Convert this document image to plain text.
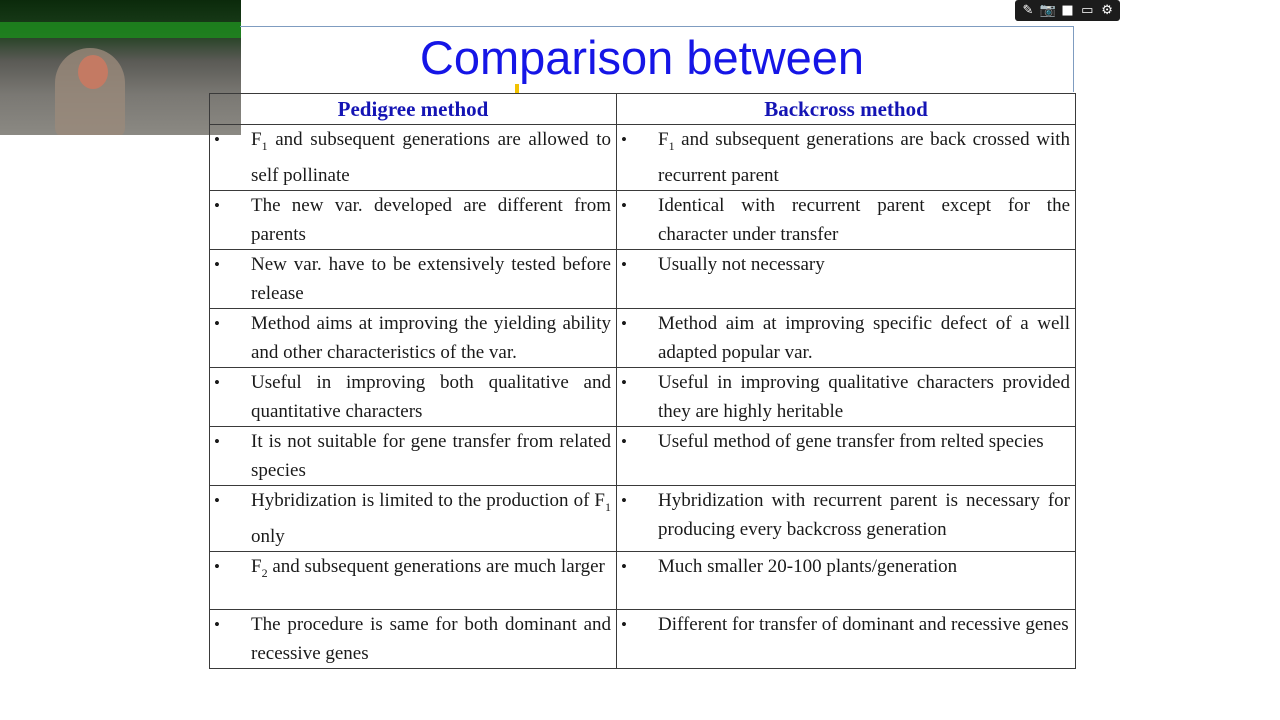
Comparison between
Pedigree method	Backcross method

• $F_1$ and subsequent generations are allowed to self pollinate	• $F_1$ and subsequent generations are back crossed with recurrent parent

• The new var. developed are different from parents	• Identical with recurrent parent except for the character under transfer

• New var. have to be extensively tested before release	• Usually not necessary

• Method aims at improving the yielding ability and other characteristics of the var.	• Method aim at improving specific defect of a well adapted popular var.

• Useful in improving both qualitative and quantitative characters	• Useful in improving qualitative characters provided they are highly heritable

• It is not suitable for gene transfer from related species	• Useful method of gene transfer from relted species

• Hybridization is limited to the production of $F_1$ only	• Hybridization with recurrent parent is necessary for producing every backcross generation

• $F_2$ and subsequent generations are much larger	• Much smaller 20-100 plants/generation

• The procedure is same for both dominant and recessive genes	• Different for transfer of dominant and recessive genes
✎ 📷 ■ ▭ ⚙
